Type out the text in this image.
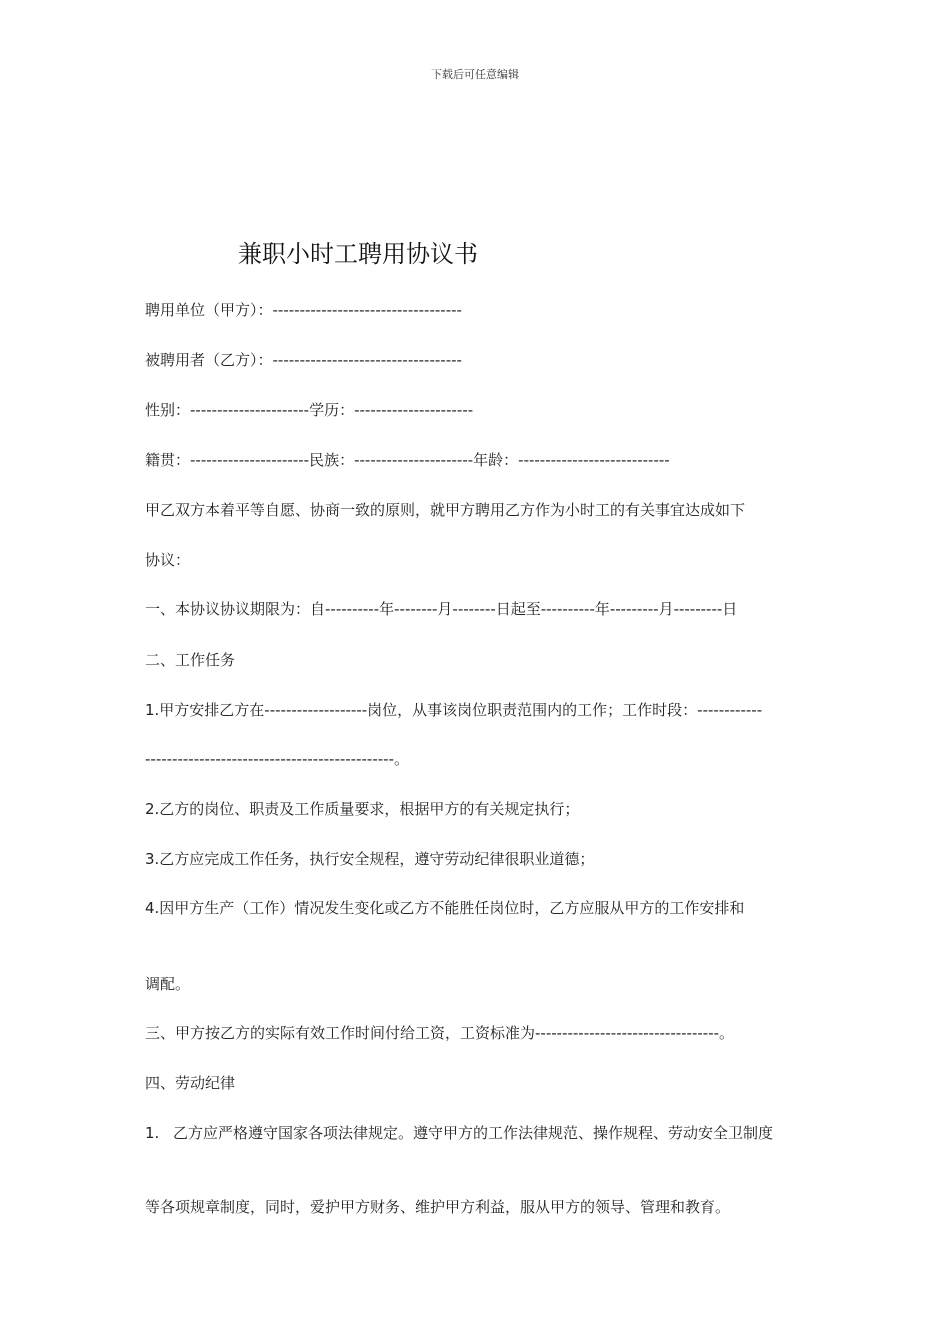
下载后可任意编辑
兼职小时工聘用协议书
聘用单位（甲方）：-----------------------------------
被聘用者（乙方）：-----------------------------------
性别：----------------------学历：----------------------
籍贯：----------------------民族：----------------------年龄：----------------------------
甲乙双方本着平等自愿、协商一致的原则，就甲方聘用乙方作为小时工的有关事宜达成如下
协议：
一、本协议协议期限为：自----------年--------月--------日起至----------年---------月---------日
二、工作任务
1.甲方安排乙方在-------------------岗位，从事该岗位职责范围内的工作；工作时段：------------
----------------------------------------------。
2.乙方的岗位、职责及工作质量要求，根据甲方的有关规定执行；
3.乙方应完成工作任务，执行安全规程，遵守劳动纪律很职业道德；
4.因甲方生产（工作）情况发生变化或乙方不能胜任岗位时，乙方应服从甲方的工作安排和
调配。
三、甲方按乙方的实际有效工作时间付给工资，工资标准为----------------------------------。
四、劳动纪律
1. 乙方应严格遵守国家各项法律规定。遵守甲方的工作法律规范、操作规程、劳动安全卫制度
等各项规章制度，同时，爱护甲方财务、维护甲方利益，服从甲方的领导、管理和教育。
